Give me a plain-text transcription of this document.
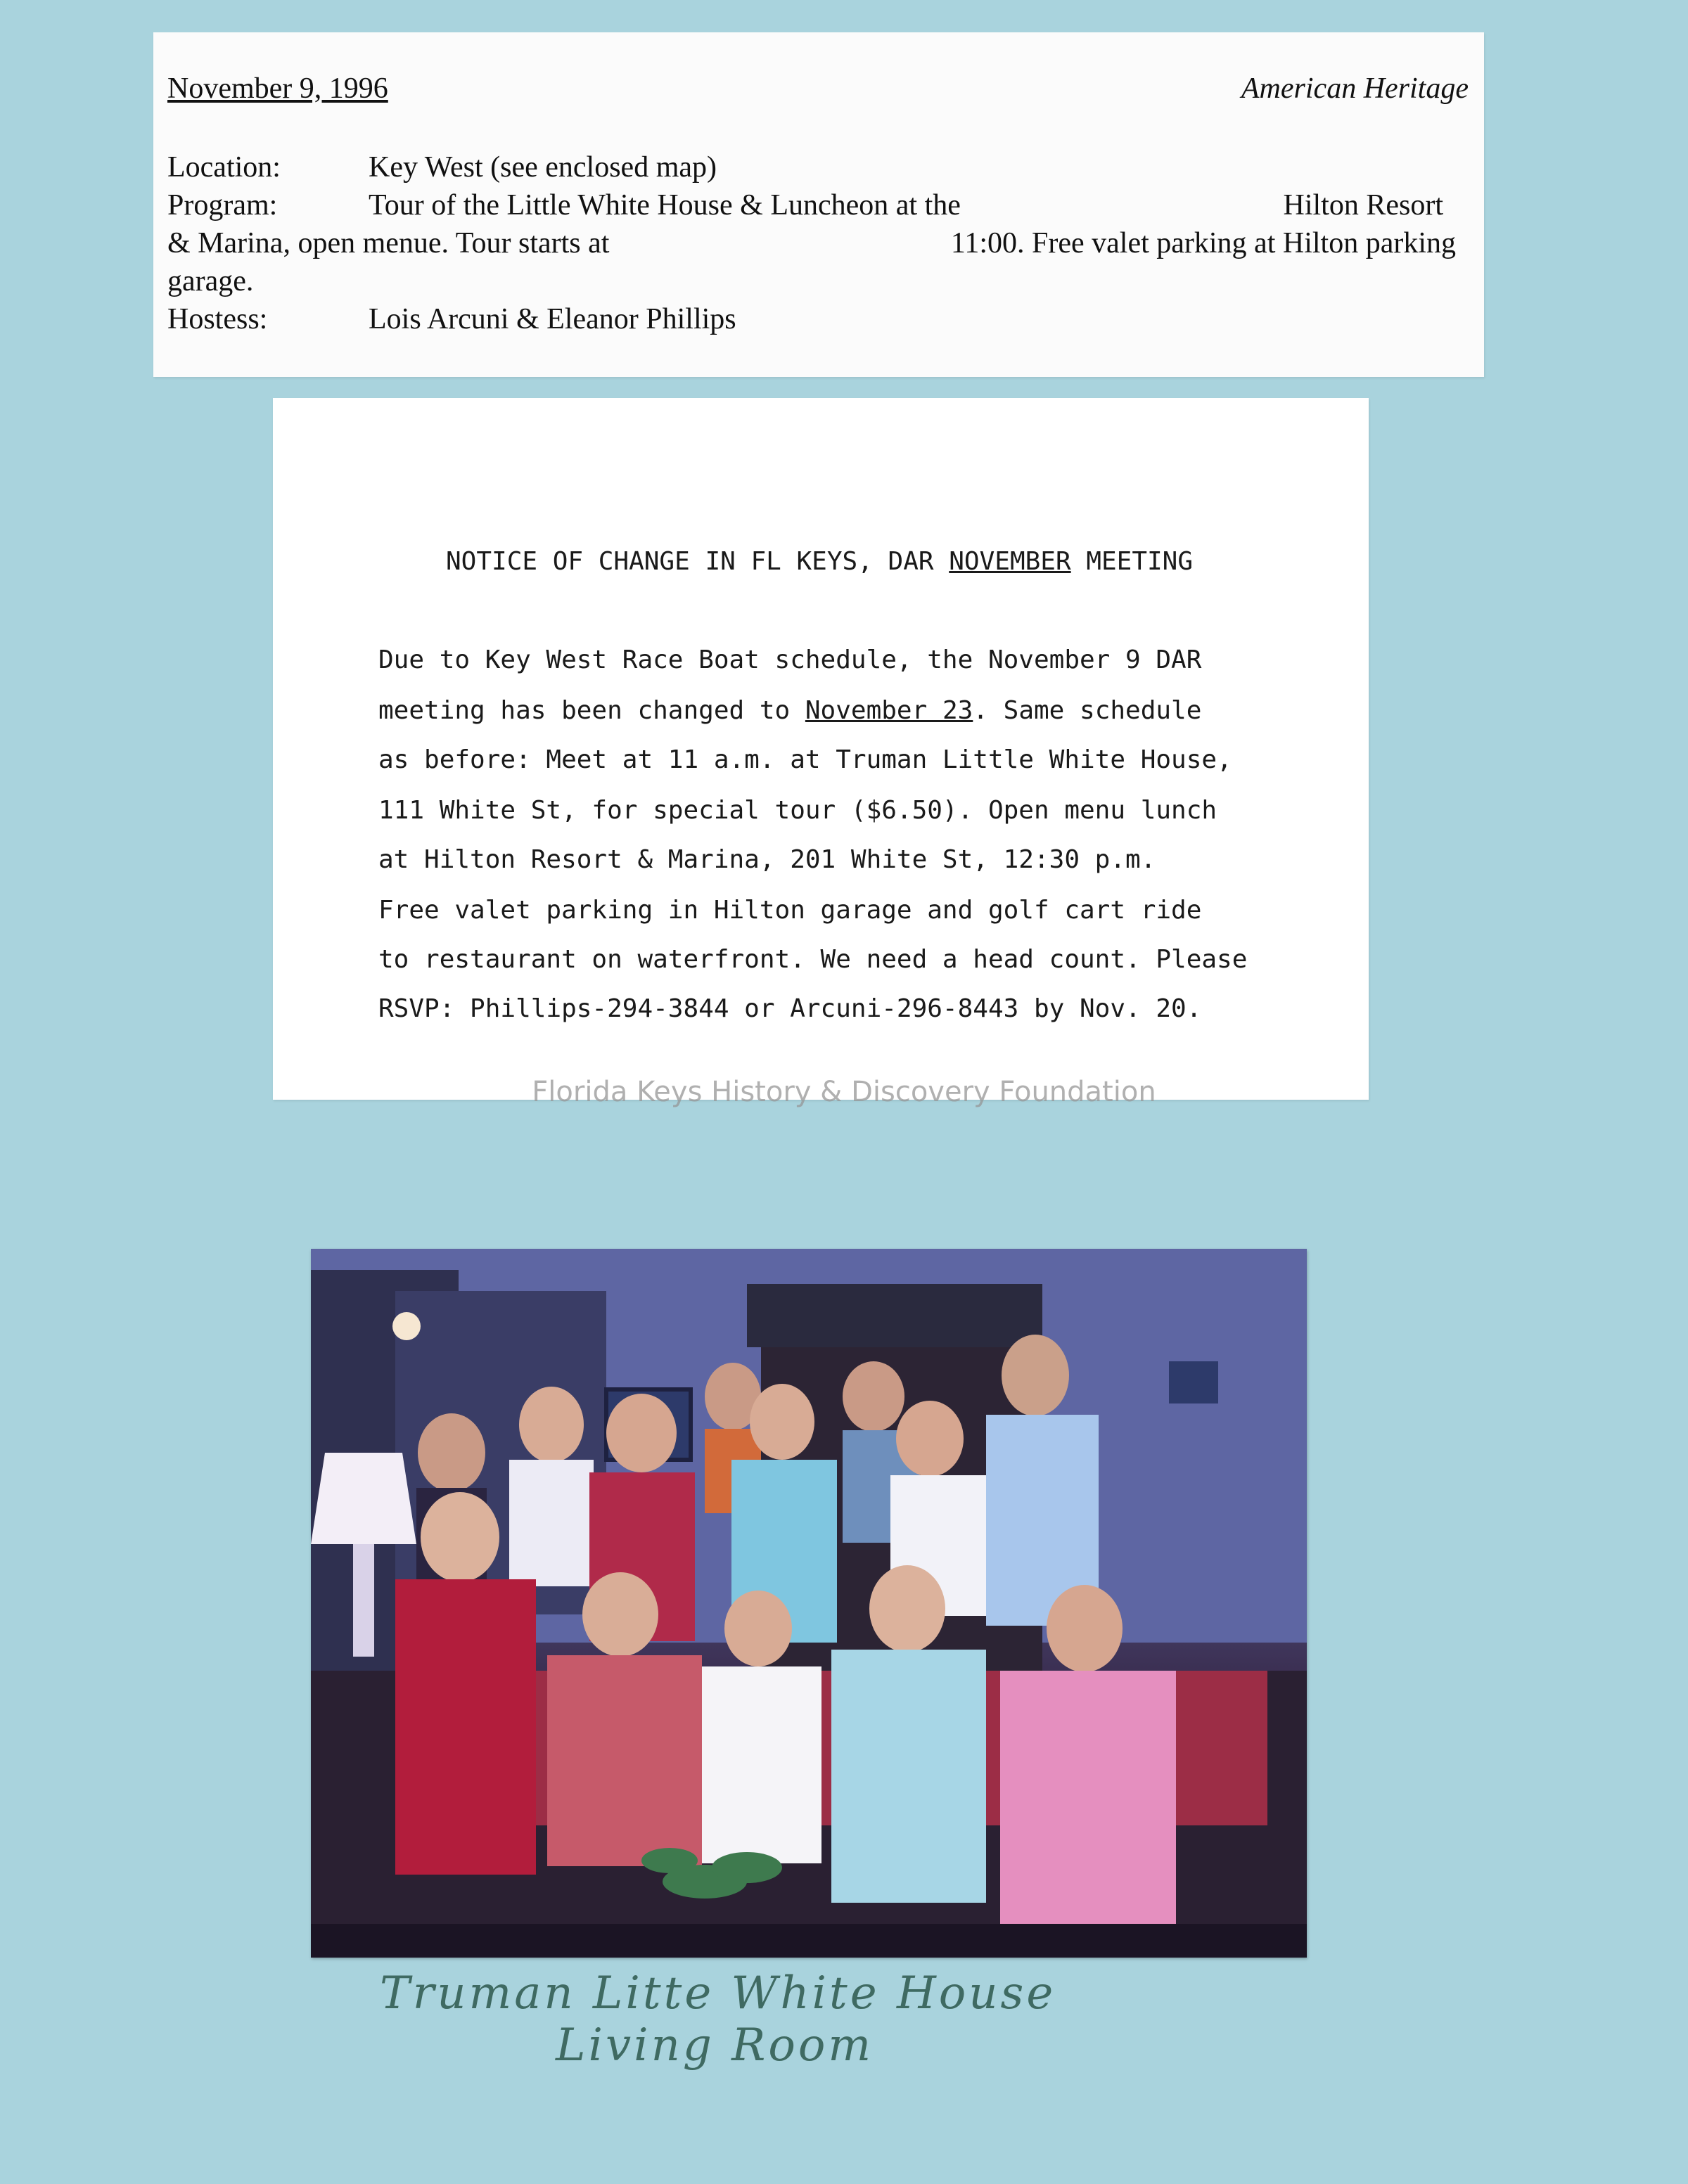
November 9, 1996	American Heritage
Location:	Key West (see enclosed map)
Program:	Tour of the Little White House & Luncheon at the	Hilton Resort
& Marina, open menue. Tour starts at	11:00. Free valet parking at Hilton parking
garage.
Hostess:	Lois Arcuni & Eleanor Phillips
NOTICE OF CHANGE IN FL KEYS, DAR NOVEMBER MEETING
Due to Key West Race Boat schedule, the November 9 DAR
meeting has been changed to November 23. Same schedule
as before: Meet at 11 a.m. at Truman Little White House,
111 White St, for special tour ($6.50). Open menu lunch
at Hilton Resort & Marina, 201 White St, 12:30 p.m.
Free valet parking in Hilton garage and golf cart ride
to restaurant on waterfront. We need a head count. Please
RSVP: Phillips-294-3844 or Arcuni-296-8443 by Nov. 20.
Florida Keys History & Discovery Foundation
Truman Litte White House
Living Room
